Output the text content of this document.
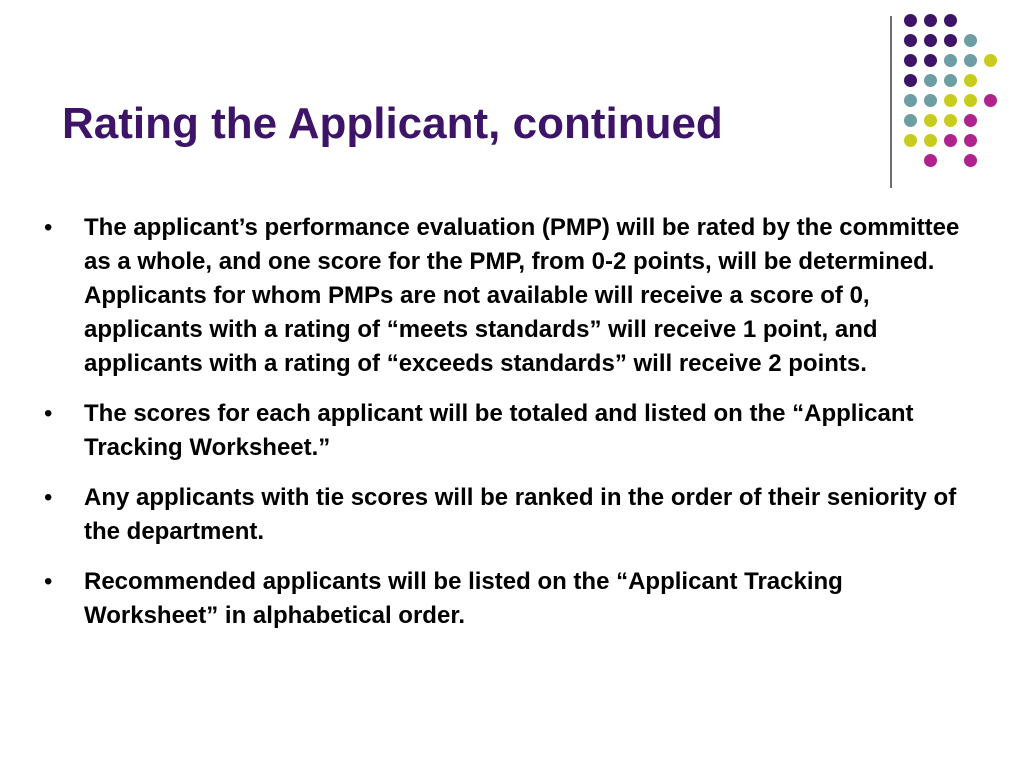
Rating the Applicant, continued
• The applicant’s performance evaluation (PMP) will be rated by the committee as a whole, and one score for the PMP, from 0-2 points, will be determined. Applicants for whom PMPs are not available will receive a score of 0, applicants with a rating of “meets standards” will receive 1 point, and applicants with a rating of “exceeds standards” will receive 2 points.
• The scores for each applicant will be totaled and listed on the “Applicant Tracking Worksheet.”
• Any applicants with tie scores will be ranked in the order of their seniority of the department.
• Recommended applicants will be listed on the “Applicant Tracking Worksheet” in alphabetical order.
